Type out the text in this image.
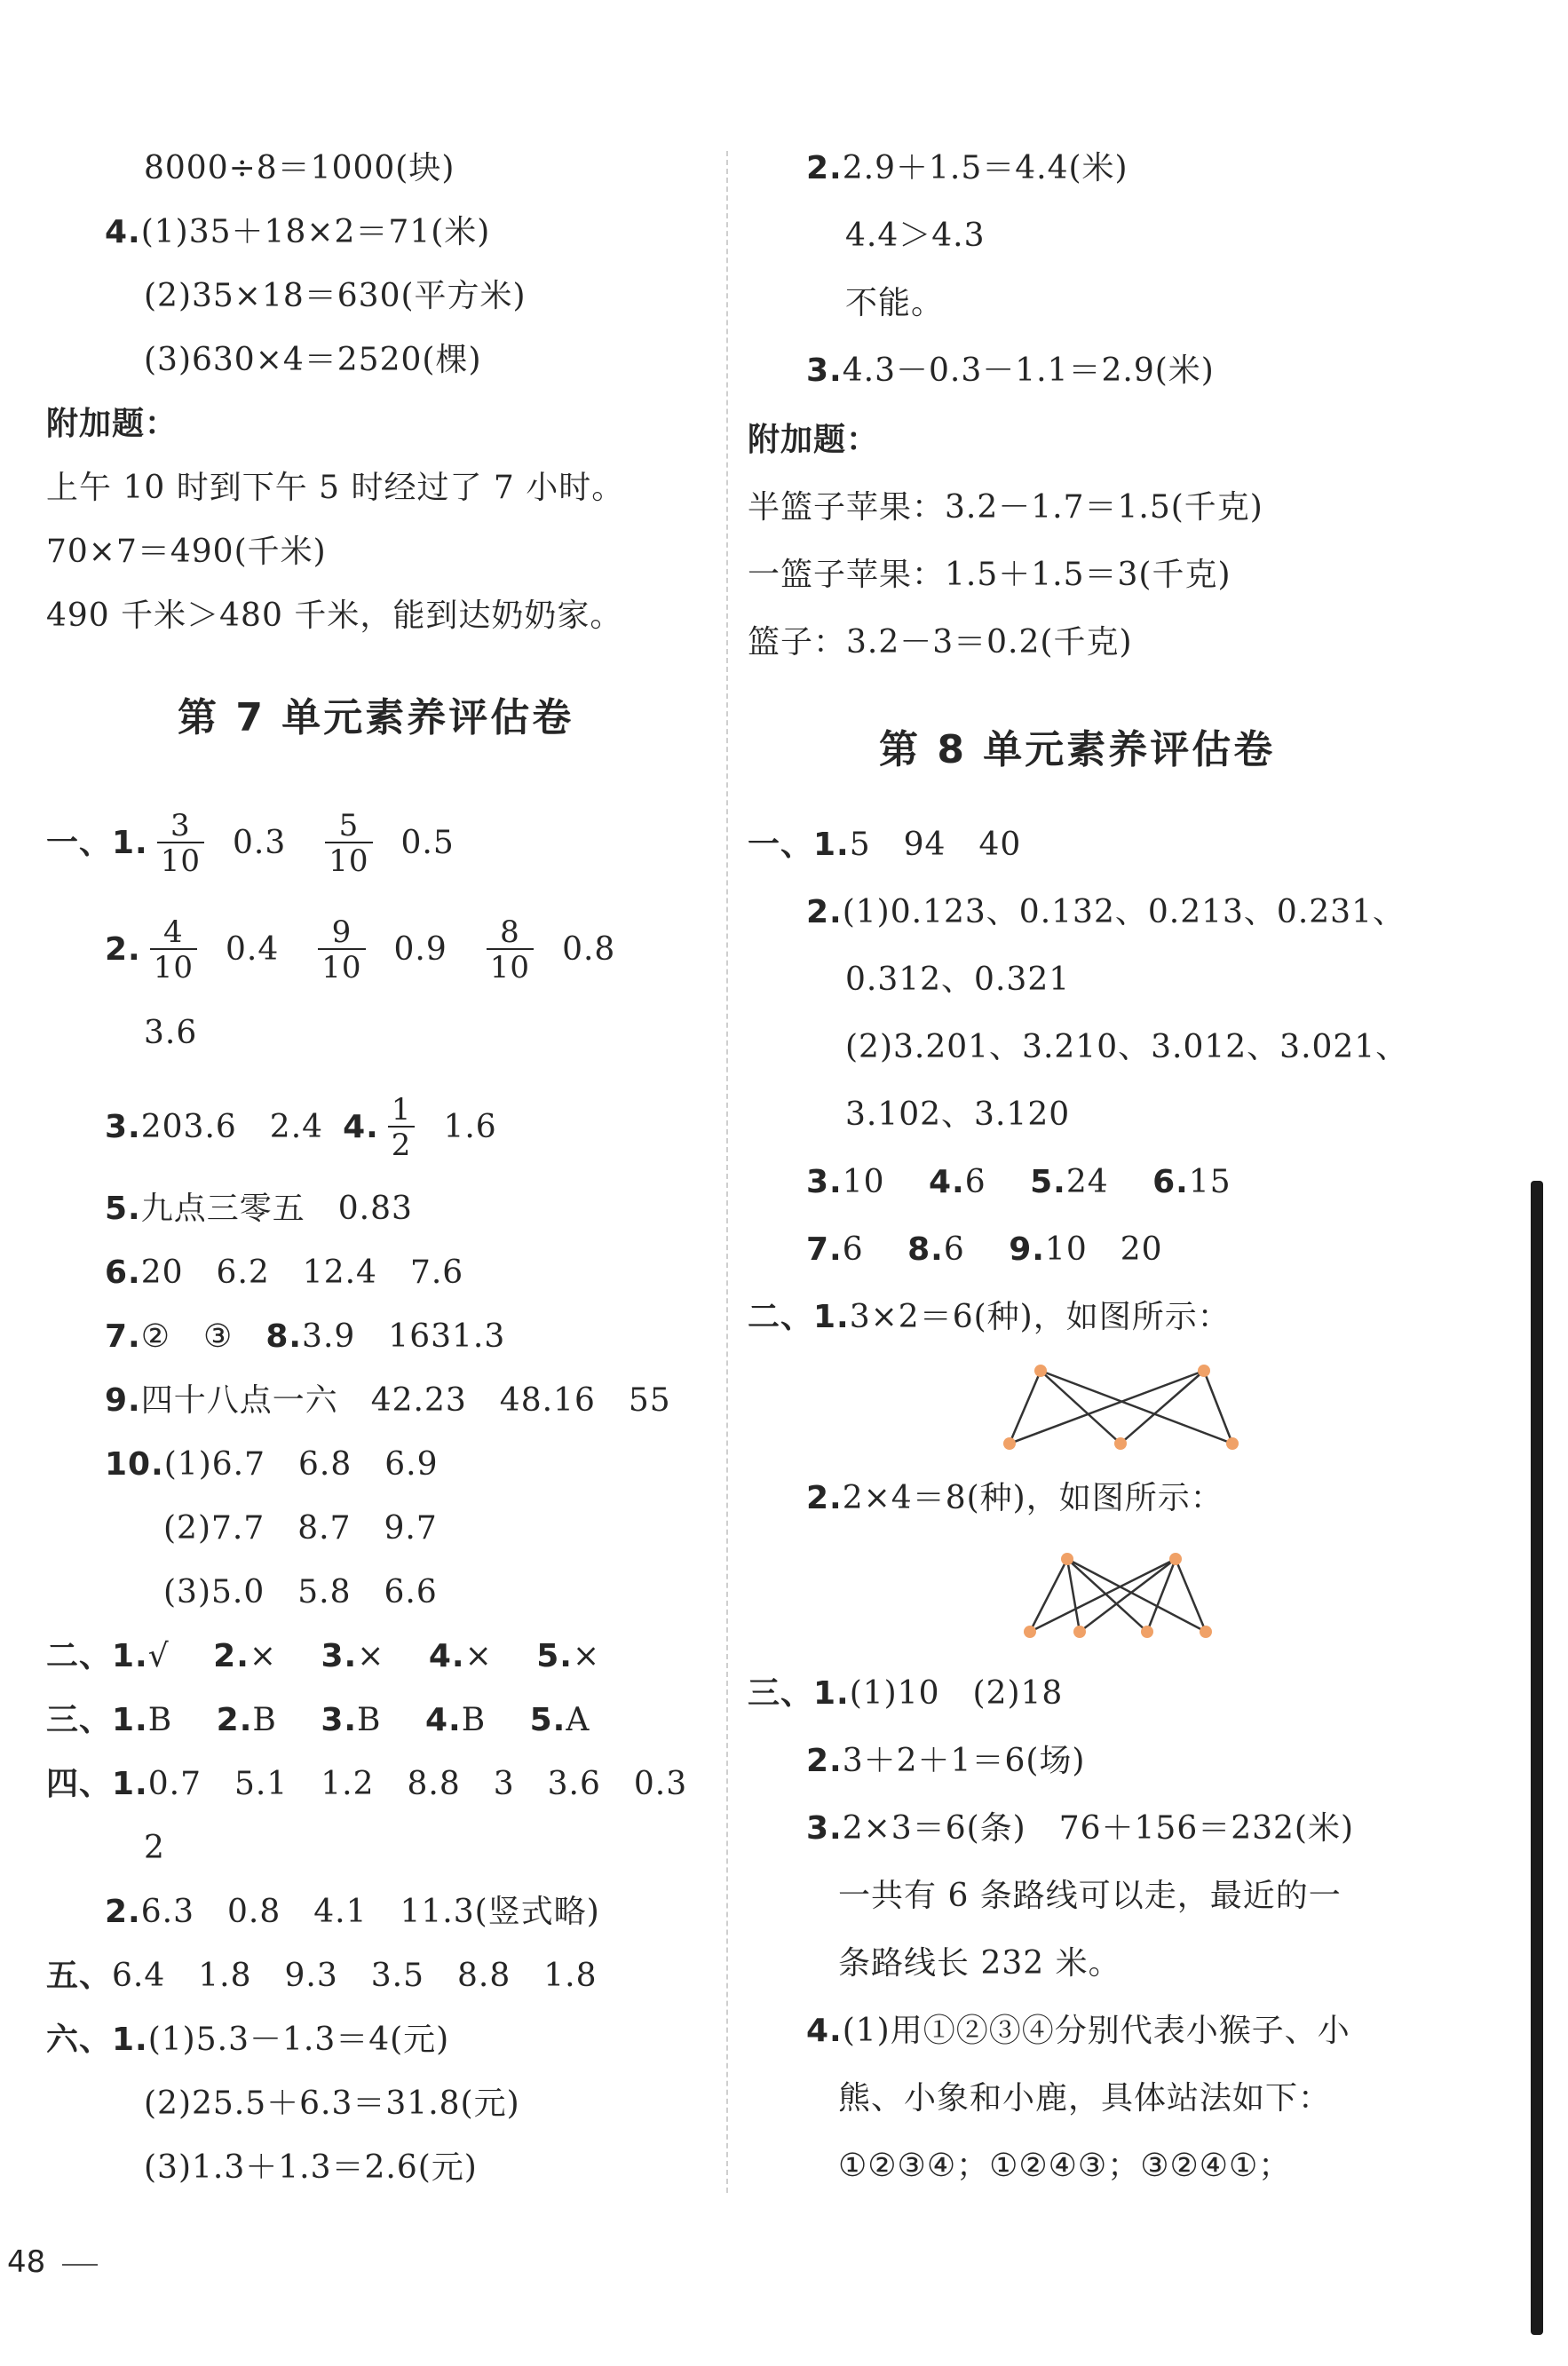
8000÷8＝1000(块)
4.(1)35＋18×2＝71(米)
(2)35×18＝630(平方米)
(3)630×4＝2520(棵)
附加题：
上午 10 时到下午 5 时经过了 7 小时。
70×7＝490(千米)
490 千米＞480 千米，能到达奶奶家。
第 7 单元素养评估卷
一、1. $\frac{3}{10} 0.3 \frac{5}{10} 0.5$
2. $\frac{4}{10} 0.4 \frac{9}{10} 0.9 \frac{8}{10} 0.8$
3.6
3. 203.6　2.4 4. $\frac{1}{2} 1.6$
5.九点三零五　0.83
6.20　6.2　12.4　7.6
7.②　③　 8.3.9　1631.3
9.四十八点一六　42.23　48.16　55
10.(1)6.7　6.8　6.9
(2)7.7　8.7　9.7
(3)5.0　5.8　6.6
二、1.√　 2.×　 3.×　 4.×　 5.×
三、1.B　 2.B　 3.B　 4.B　 5.A
四、1.0.7　5.1　1.2　8.8　3　3.6　0.3
2
2.6.3　0.8　4.1　11.3(竖式略)
五、6.4　1.8　9.3　3.5　8.8　1.8
六、1.(1)5.3－1.3＝4(元)
(2)25.5＋6.3＝31.8(元)
(3)1.3＋1.3＝2.6(元)
2.2.9＋1.5＝4.4(米)
4.4＞4.3
不能。
3.4.3－0.3－1.1＝2.9(米)
附加题：
半篮子苹果：3.2－1.7＝1.5(千克)
一篮子苹果：1.5＋1.5＝3(千克)
篮子：3.2－3＝0.2(千克)
第 8 单元素养评估卷
一、1.5　94　40
2.(1)0.123、0.132、0.213、0.231、
0.312、0.321
(2)3.201、3.210、3.012、3.021、
3.102、3.120
3.10　 4.6　 5.24　 6.15
7.6　 8.6　 9.10　20
二、1.3×2＝6(种)，如图所示：
2.2×4＝8(种)，如图所示：
三、1.(1)10　(2)18
2.3＋2＋1＝6(场)
3.2×3＝6(条)　76＋156＝232(米)
一共有 6 条路线可以走，最近的一
条路线长 232 米。
4.(1)用①②③④分别代表小猴子、小
熊、小象和小鹿，具体站法如下：
①②③④；①②④③；③②④①；
48
